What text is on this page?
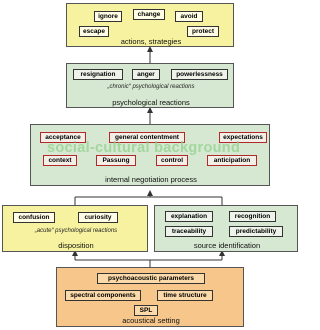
ignore	change	avoid
escape	protect
actions, strategies
resignation	anger	powerlessness
„chronic“ psychological reactions
psychological reactions
acceptance	general contentment	expectations
context	Passung	control	anticipation
social-cultural background
internal negotiation process
confusion	curiosity
„acute“ psychological reactions
disposition
explanation	recognition
traceability	predictability
source identification
psychoacoustic parameters
spectral components	time structure
SPL
acoustical setting
